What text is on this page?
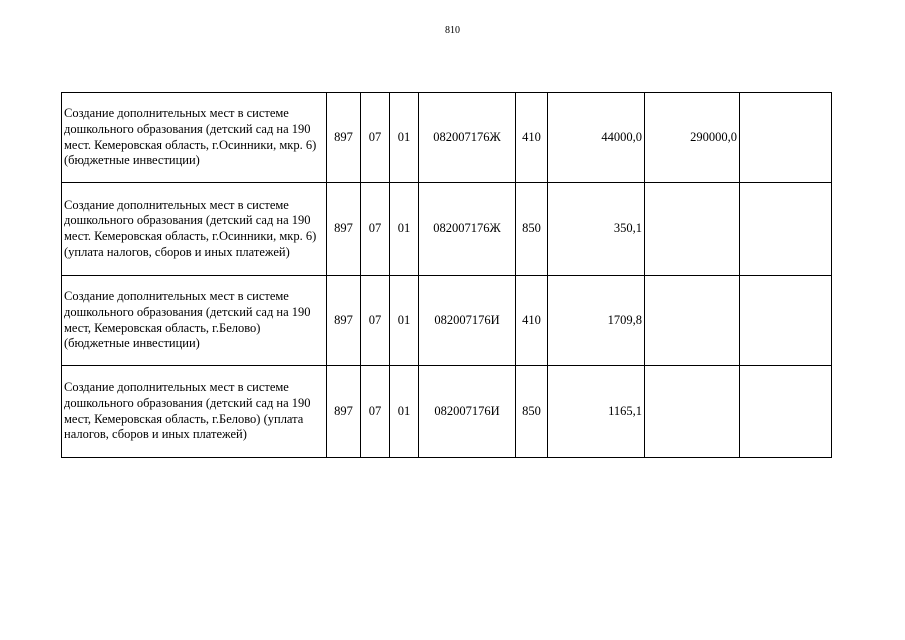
810
Создание дополнительных мест в системе дошкольного образования (детский сад на 190 мест. Кемеровская область, г.Осинники, мкр. 6) (бюджетные инвестиции)	897	07	01	082007176Ж	410	44000,0	290000,0	
Создание дополнительных мест в системе дошкольного образования (детский сад на 190 мест. Кемеровская область, г.Осинники, мкр. 6) (уплата налогов, сборов и иных платежей)	897	07	01	082007176Ж	850	350,1		
Создание дополнительных мест в системе дошкольного образования (детский сад на 190 мест, Кемеровская область, г.Белово) (бюджетные инвестиции)	897	07	01	082007176И	410	1709,8		
Создание дополнительных мест в системе дошкольного образования (детский сад на 190 мест, Кемеровская область, г.Белово) (уплата налогов, сборов и иных платежей)	897	07	01	082007176И	850	1165,1		
